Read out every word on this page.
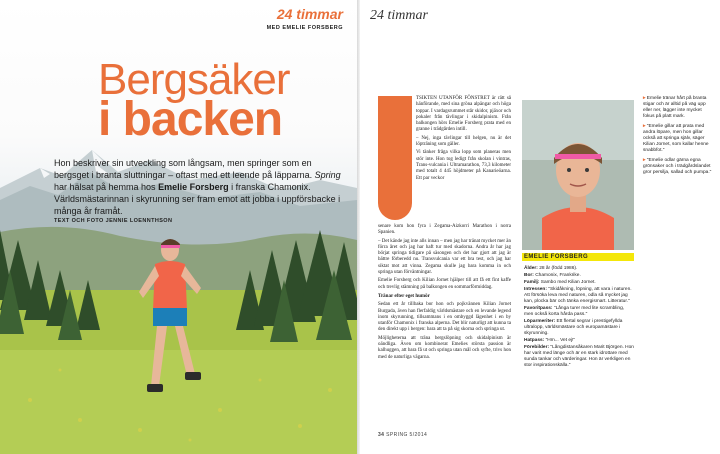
24 timmar
MED EMELIE FORSBERG
Bergsäker
i backen
Hon beskriver sin utveckling som långsam, men springer som en bergsget i branta sluttningar – oftast med ett leende på läpparna. Spring har hälsat på hemma hos Emelie Forsberg i franska Chamonix. Världsmästarinnan i skyrunning ser fram emot att jobba i uppförsbacke i många år framåt.
TEXT OCH FOTO JENNIE LOENNTHSON
24 timmar

TSIKTEN UTANFÖR FÖNSTRET är rätt så hänförande, med sina gröna alpängar och höga toppar. I vardagsrummet står skidor, pjäxor och pokaler från tävlingar i skidalpinism. Från balkongen hörs Emelie Forsberg prata med en granne i trädgården intill.

– Nej, inga tävlingar till helgen, nu är det löpträning som gäller.

Vi tänker fråga vilka lopp som planeras men stör inte. Hon tog ledigt från skolan i vintras, Trans-vulcania i Ultramarathon, 73,3 kilometer med totalt 4 445 höjdmeter på Kanarieöarna. Ett par veckor

senare kom hon fyra i Zegama-Aizkorri Marathon i norra Spanien.

– Det kände jag inte alls innan – men jag har tränat mycket mer än förra året och jag har haft tur med skadorna. Andra år har jag börjat springa tidigare på säsongen och det har gjort att jag är bättre förberedd nu. Transvulcania var ett bra test, och jag har siktat mot att vinna. Zegama skulle jag bara komma in och springa utan förväntningar.

Emelie Forsberg och Kilian Jornet hjälper till att få ett fint kaffe och trevlig stämning på balkongen en sommarförmiddag.

Tränar efter eget humör

Sedan ett år tillbaka bor hon och pojkvännen Kilian Jornet Burgada, även han flerfaldig världsmästare och en levande legend inom skyrunning, tillsammans i en ombyggd lägenhet i en by utanför Chamonix i franska alperna. Det blir naturligt att kunna ta den direkt upp i bergen: bara att ta på sig skorna och springa ut.

Möjligheterna att träna bergslöpning och skidalpinism är oändliga. Även om kombinerat Emelies största passion är kalhuggen, att bara få ut och springa utan mål och syfte, trivs hon med de naturliga vägarna.

EMELIE FORSBERG

Ålder: 28 år (född 1986).

Bor: Chamonix, Frankrike.

Familj: Sambo med Kilian Jornet.

Intressen: "Skidåkning, löpning, att vara i naturen. Att försöka leva med naturen, odla så mycket jag kan, plocka bär och tänka energismart. Litteratur."

Favoritpass: "Långa turer med lite scrambling, men också korta hårda pass."

Löparmeriter: Ett flertal segrar i prestigefyllda ultralopp, världsmästare och europamästare i skyrunning.

Hatpass: "Hm... Vet ej!"

Förebilder: "Långdistansåkaren Marit Björgen. Hon har varit med länge och är en stark idrottare med sunda tankar och värderingar. Hon är verkligen en stor inspirationskälla."

▸ Emelie tränar hårt på branta stigar och är alltid på väg upp eller ner, lägger inte mycket fokus på platt mark.

▸ "Emelie gillar att prata med andra löpare, men hon gillar också att springa själv, säger Kilian Jornet, som kallar henne snabbfot."

▸ "Emelie odlar gärna egna grönsaker och i trädgårdslandet gror persilja, sallad och pumpa."

34 SPRING 5/2014
